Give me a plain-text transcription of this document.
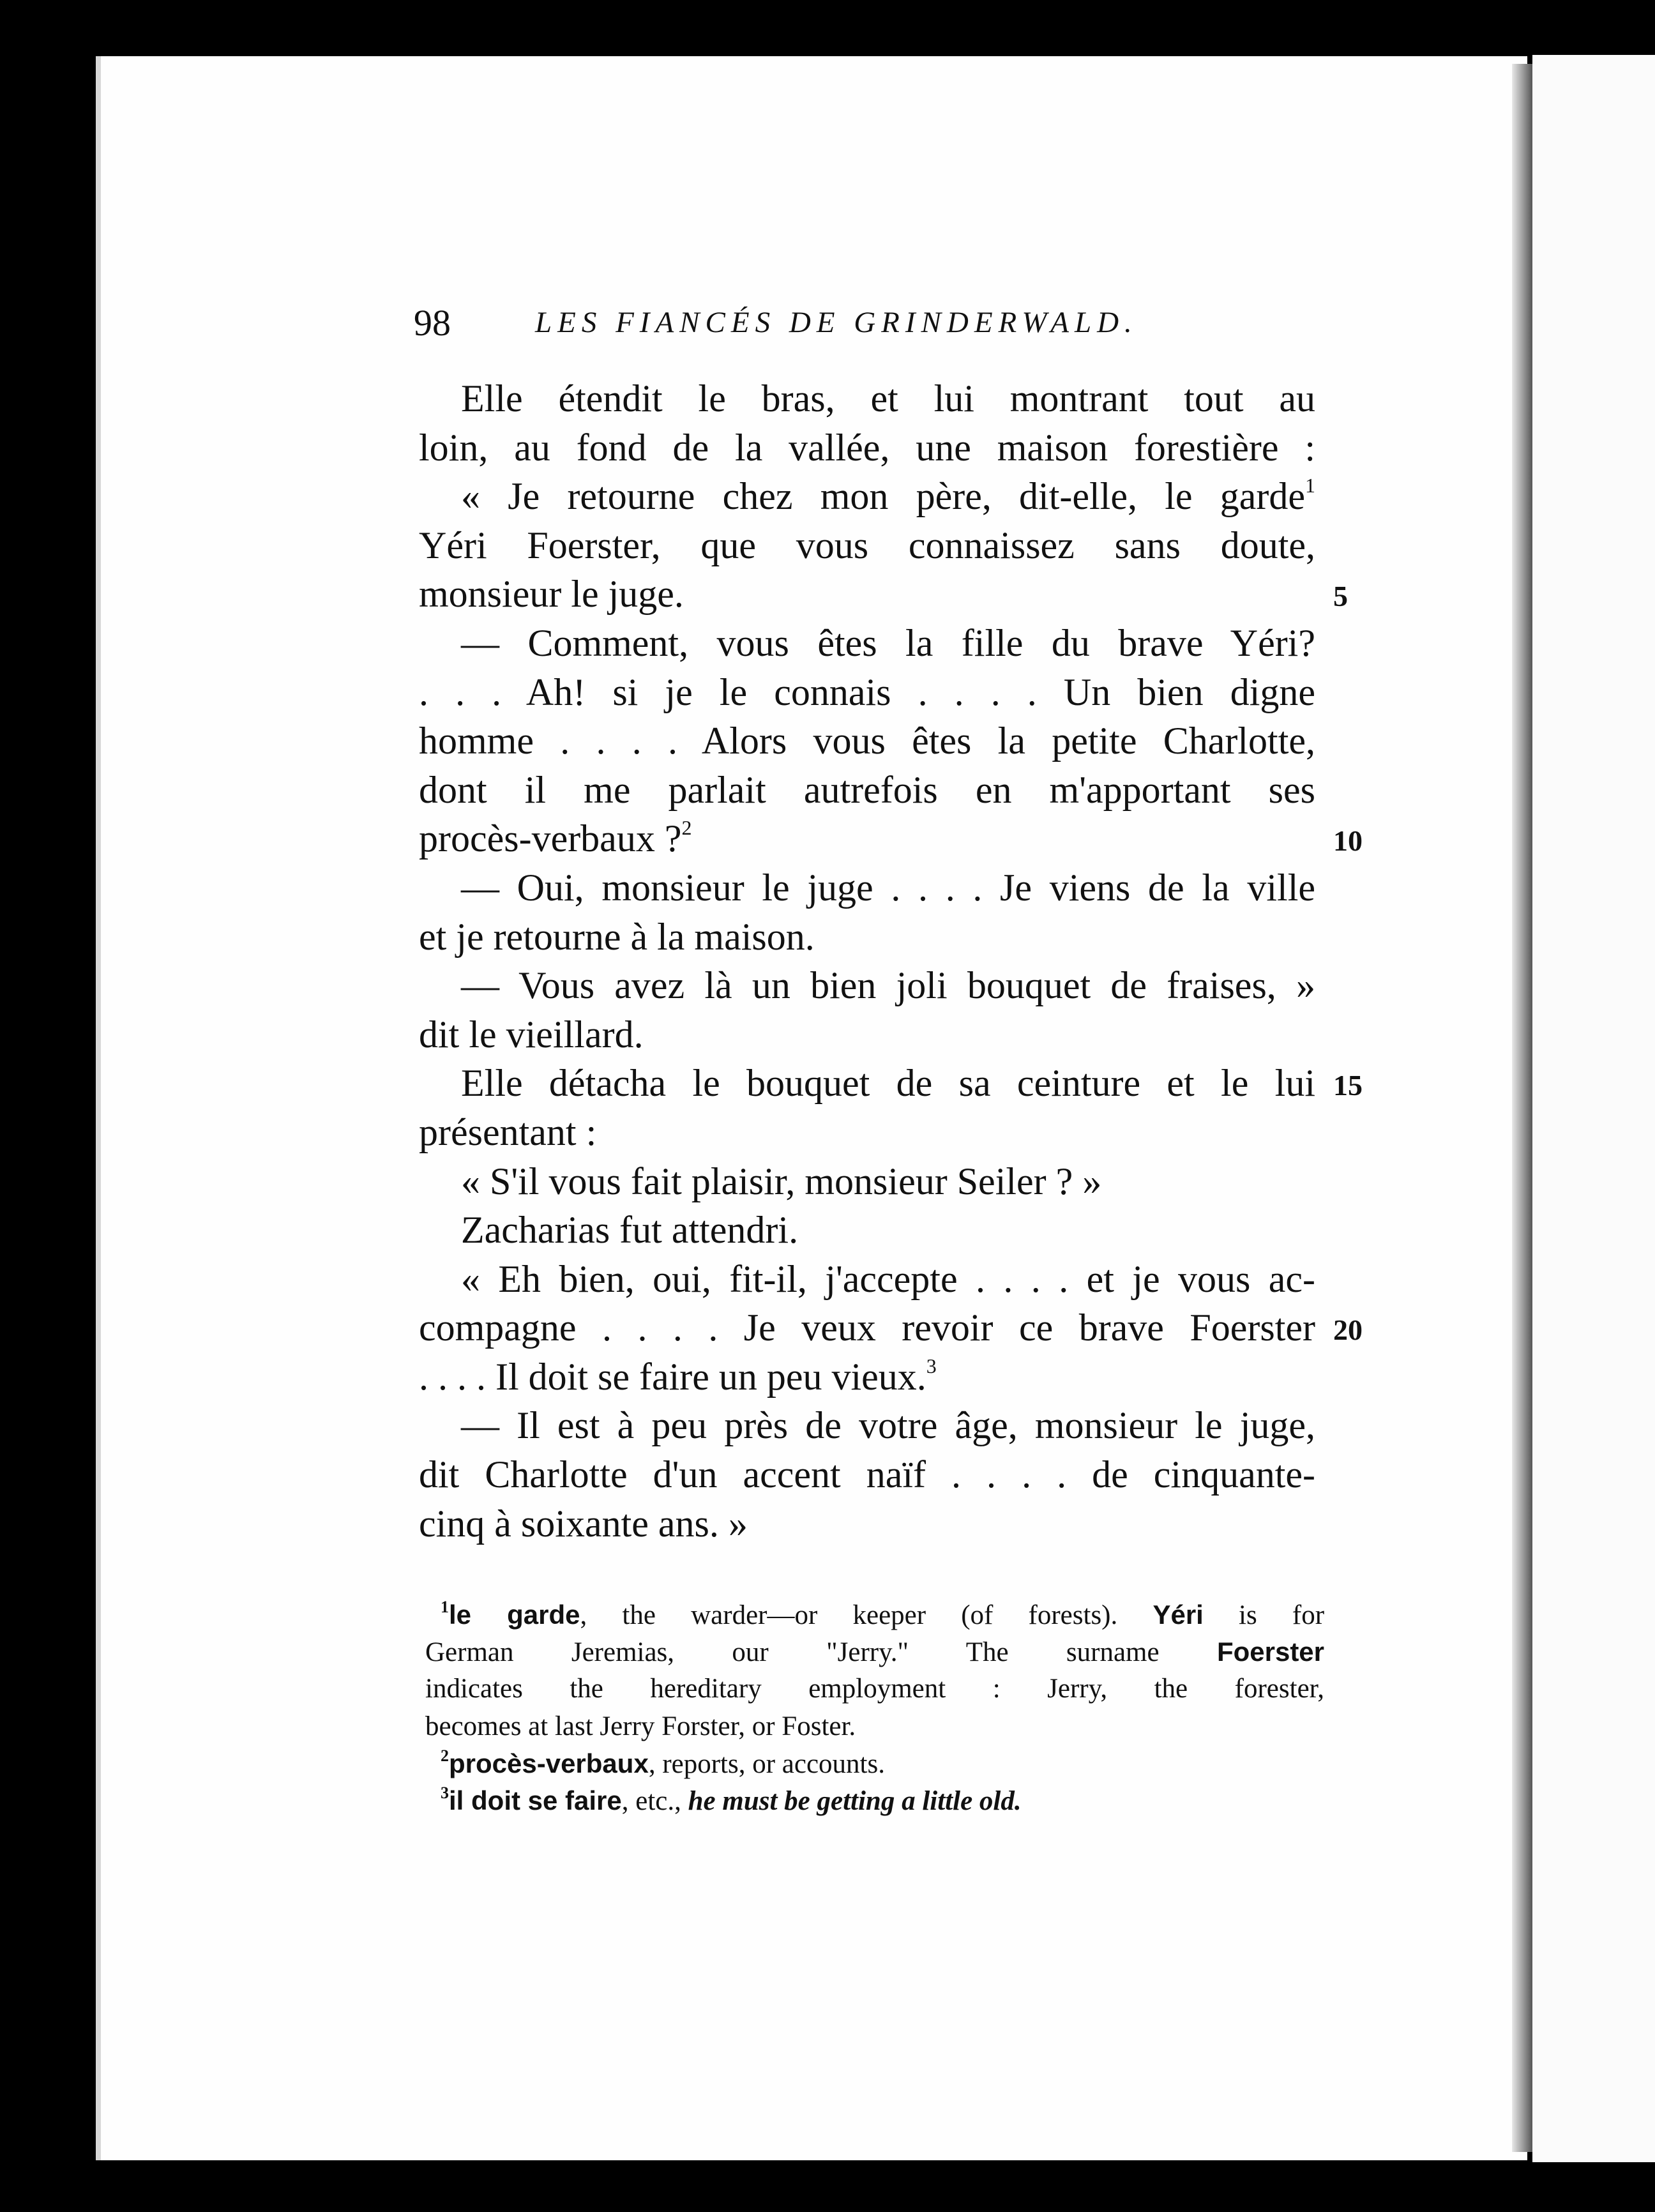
98	LES FIANCÉS DE GRINDERWALD.
Elle étendit le bras, et lui montrant tout au
loin, au fond de la vallée, une maison forestière :
« Je retourne chez mon père, dit-elle, le garde$^1$
Yéri Foerster, que vous connaissez sans doute,
monsieur le juge.	5
— Comment, vous êtes la fille du brave Yéri?
. . . Ah! si je le connais . . . . Un bien digne
homme . . . . Alors vous êtes la petite Charlotte,
dont il me parlait autrefois en m'apportant ses
procès-verbaux ?$^2$	10
— Oui, monsieur le juge . . . . Je viens de la ville
et je retourne à la maison.
— Vous avez là un bien joli bouquet de fraises, »
dit le vieillard.
Elle détacha le bouquet de sa ceinture et le lui 15
présentant :
« S'il vous fait plaisir, monsieur Seiler ? »
Zacharias fut attendri.
« Eh bien, oui, fit-il, j'accepte . . . . et je vous ac-
compagne . . . . Je veux revoir ce brave Foerster 20
. . . . Il doit se faire un peu vieux.$^3$
— Il est à peu près de votre âge, monsieur le juge,
dit Charlotte d'un accent naïf . . . . de cinquante-
cinq à soixante ans. »
$^1$le garde, the warder—or keeper (of forests). Yéri is for
German Jeremias, our "Jerry." The surname Foerster
indicates the hereditary employment : Jerry, the forester,
becomes at last Jerry Forster, or Foster.
$^2$procès-verbaux, reports, or accounts.
$^3$il doit se faire, etc., he must be getting a little old.
